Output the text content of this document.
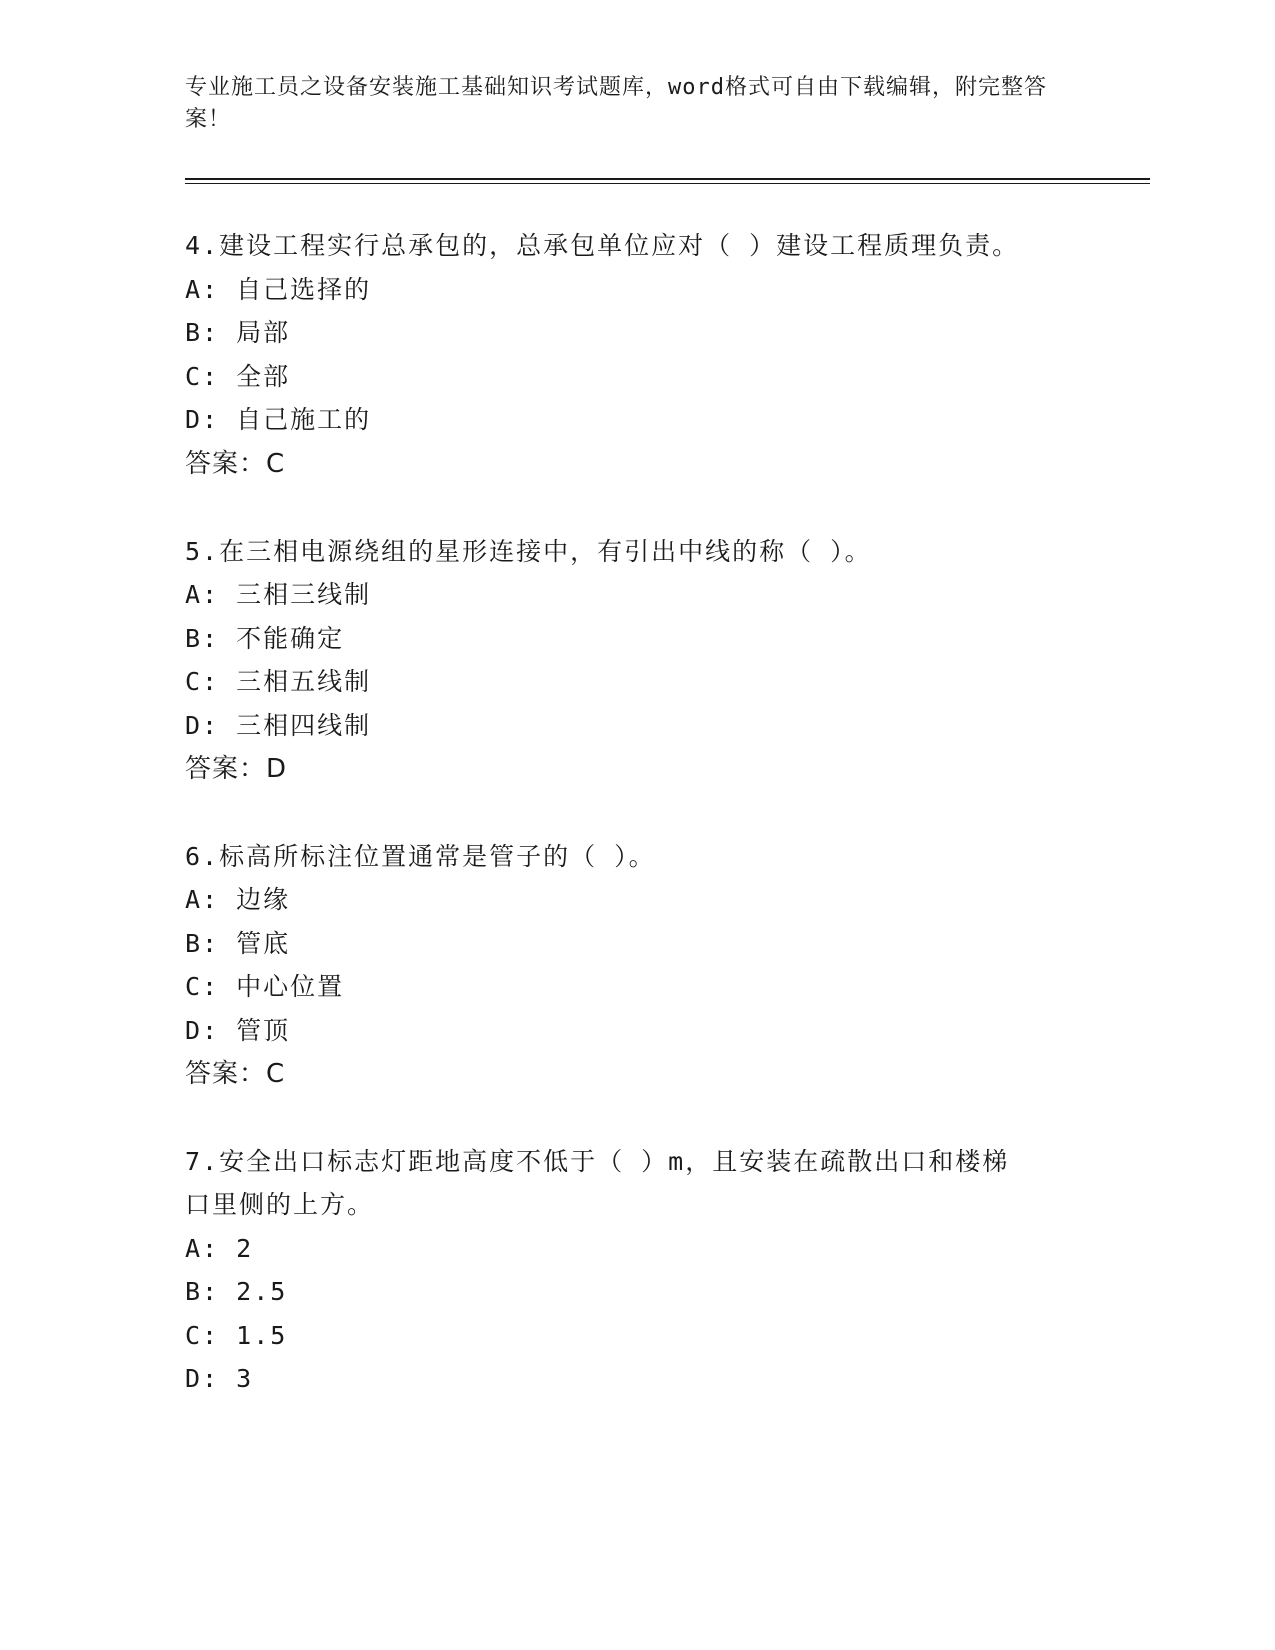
专业施工员之设备安装施工基础知识考试题库，word格式可自由下载编辑，附完整答案！

4.建设工程实行总承包的，总承包单位应对（ ）建设工程质理负责。

A: 自己选择的

B: 局部

C: 全部

D: 自己施工的

答案：C

5.在三相电源绕组的星形连接中，有引出中线的称（ ）。

A: 三相三线制

B: 不能确定

C: 三相五线制

D: 三相四线制

答案：D

6.标高所标注位置通常是管子的（ ）。

A: 边缘

B: 管底

C: 中心位置

D: 管顶

答案：C

7.安全出口标志灯距地高度不低于（ ）m，且安装在疏散出口和楼梯

口里侧的上方。

A: 2

B: 2.5

C: 1.5

D: 3
